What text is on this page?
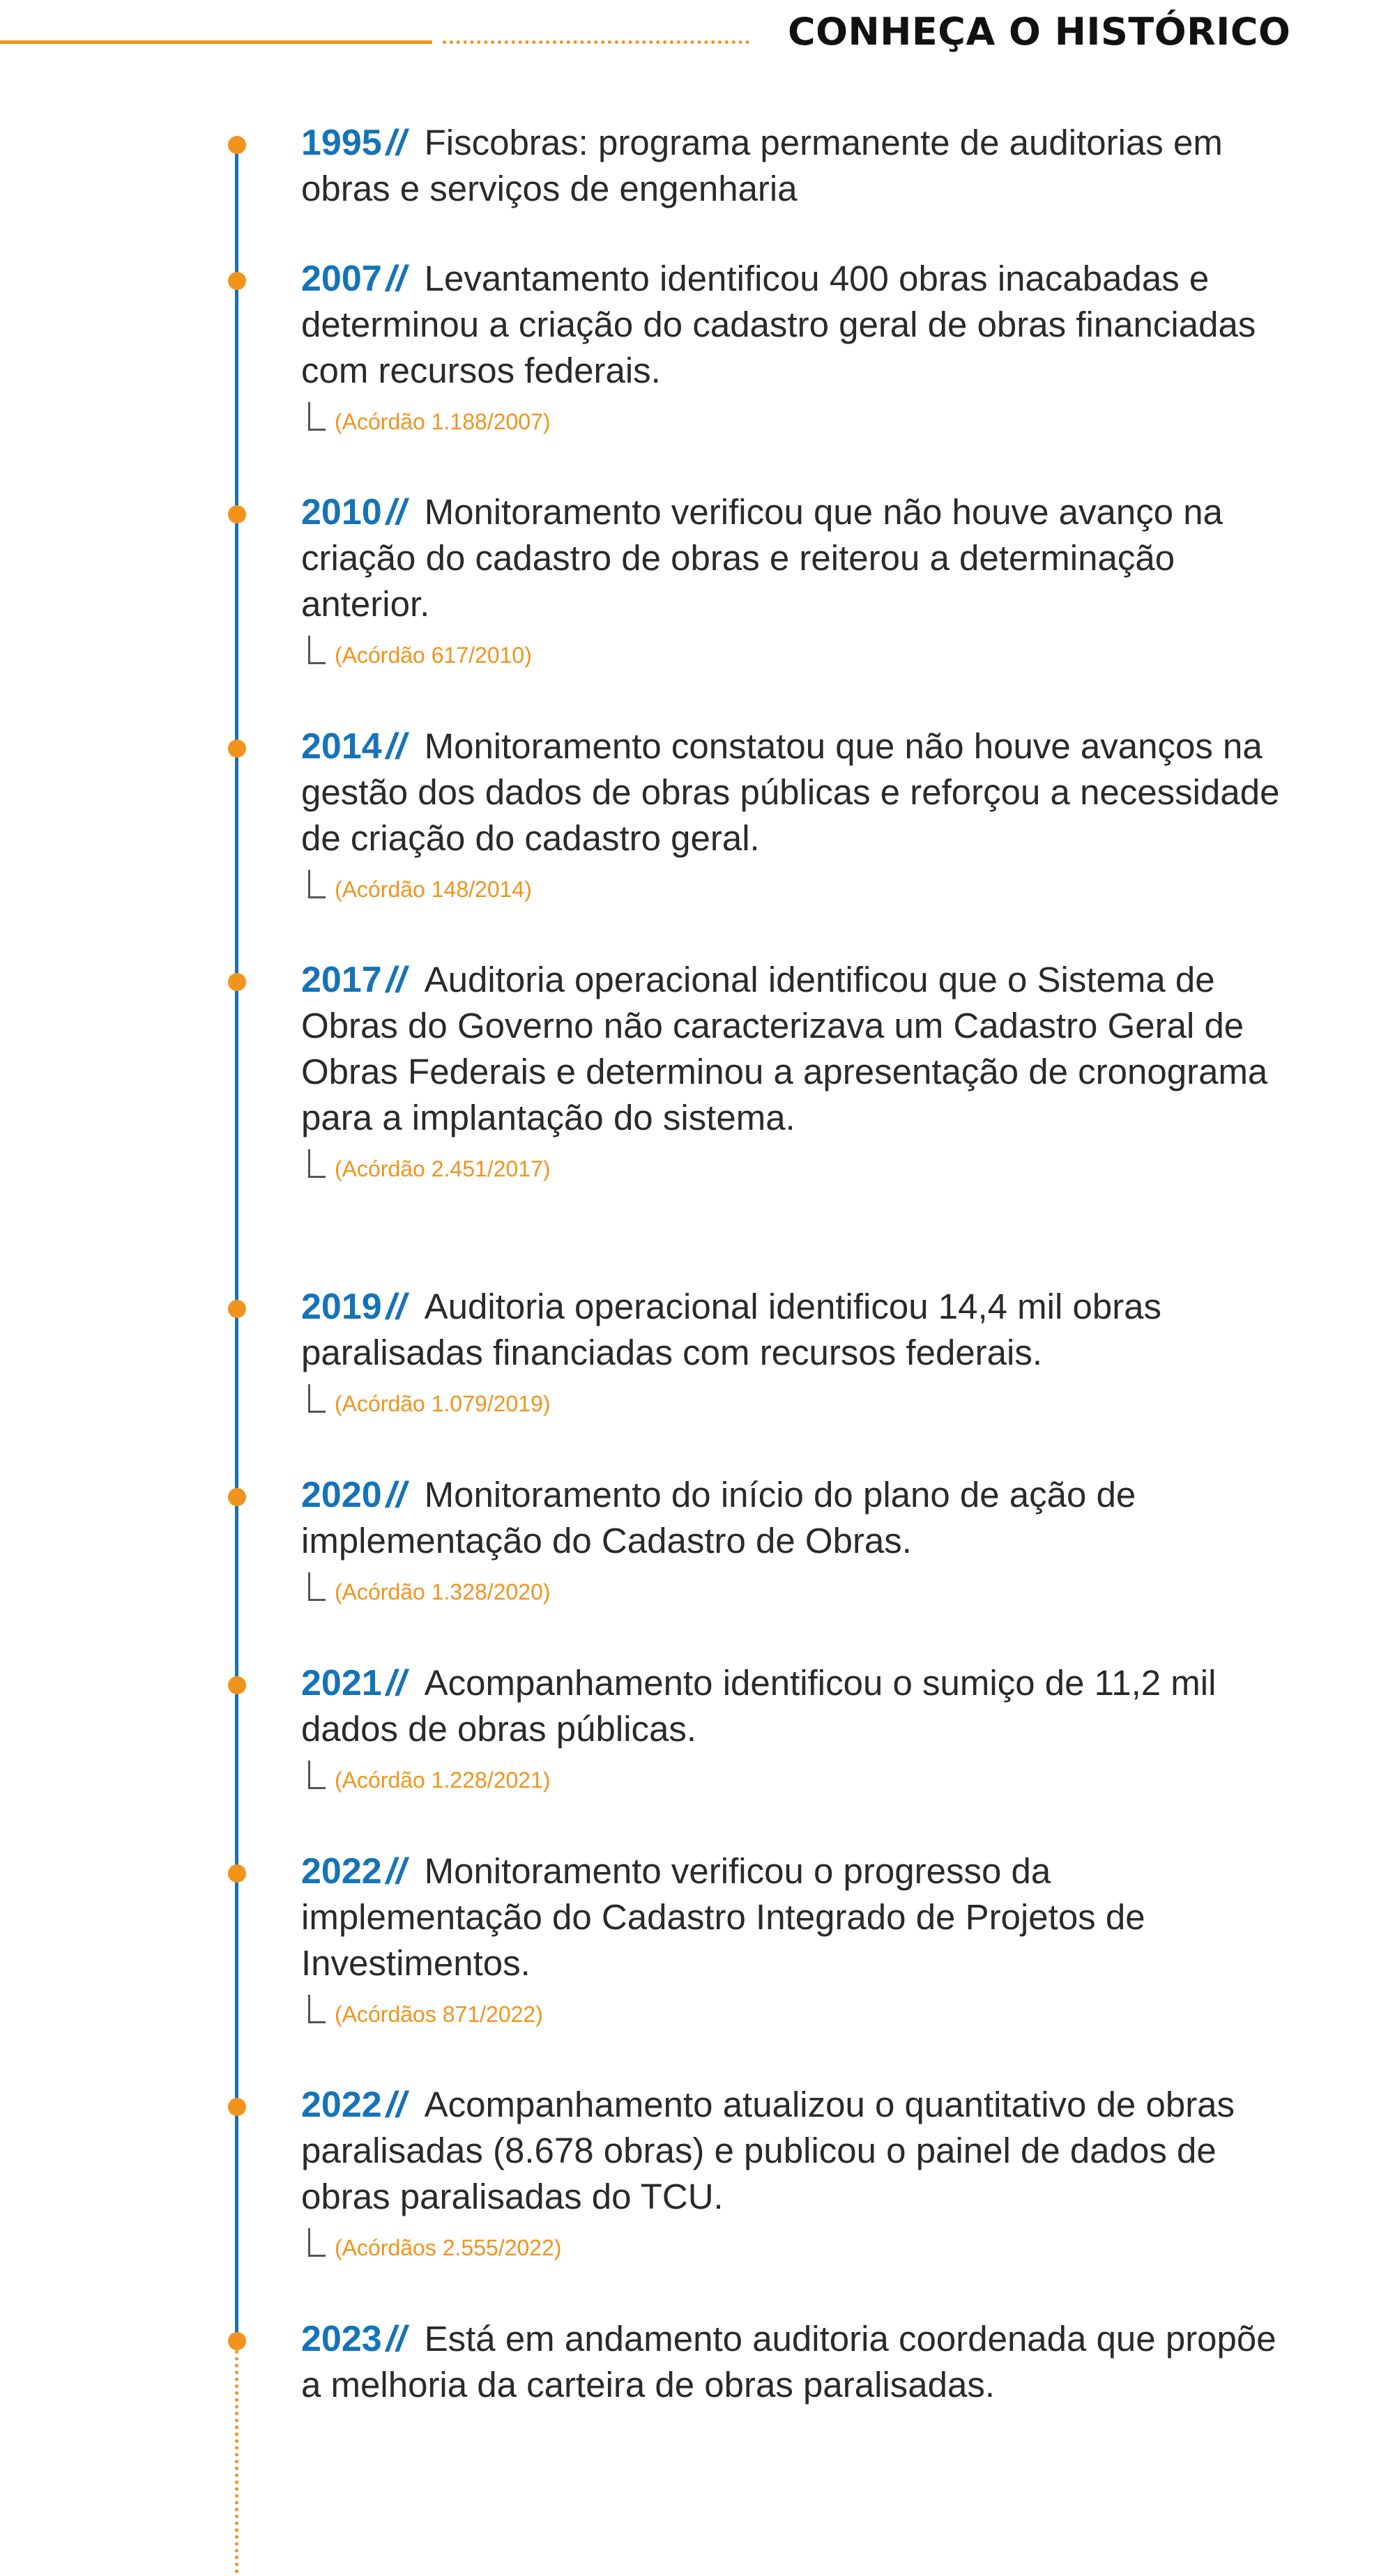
CONHEÇA O HISTÓRICO

1995 // Fiscobras: programa permanente de auditorias em obras e serviços de engenharia

2007 // Levantamento identificou 400 obras inacabadas e determinou a criação do cadastro geral de obras financiadas com recursos federais.

(Acórdão 1.188/2007)

2010 // Monitoramento verificou que não houve avanço na criação do cadastro de obras e reiterou a determinação anterior.

(Acórdão 617/2010)

2014 // Monitoramento constatou que não houve avanços na gestão dos dados de obras públicas e reforçou a necessidade de criação do cadastro geral.

(Acórdão 148/2014)

2017 // Auditoria operacional identificou que o Sistema de Obras do Governo não caracterizava um Cadastro Geral de Obras Federais e determinou a apresentação de cronograma para a implantação do sistema.

(Acórdão 2.451/2017)

2019 // Auditoria operacional identificou 14,4 mil obras paralisadas financiadas com recursos federais.

(Acórdão 1.079/2019)

2020 // Monitoramento do início do plano de ação de implementação do Cadastro de Obras.

(Acórdão 1.328/2020)

2021 // Acompanhamento identificou o sumiço de 11,2 mil dados de obras públicas.

(Acórdão 1.228/2021)

2022 // Monitoramento verificou o progresso da implementação do Cadastro Integrado de Projetos de Investimentos.

(Acórdãos 871/2022)

2022 // Acompanhamento atualizou o quantitativo de obras paralisadas (8.678 obras) e publicou o painel de dados de obras paralisadas do TCU.

(Acórdãos 2.555/2022)

2023 // Está em andamento auditoria coordenada que propõe a melhoria da carteira de obras paralisadas.
